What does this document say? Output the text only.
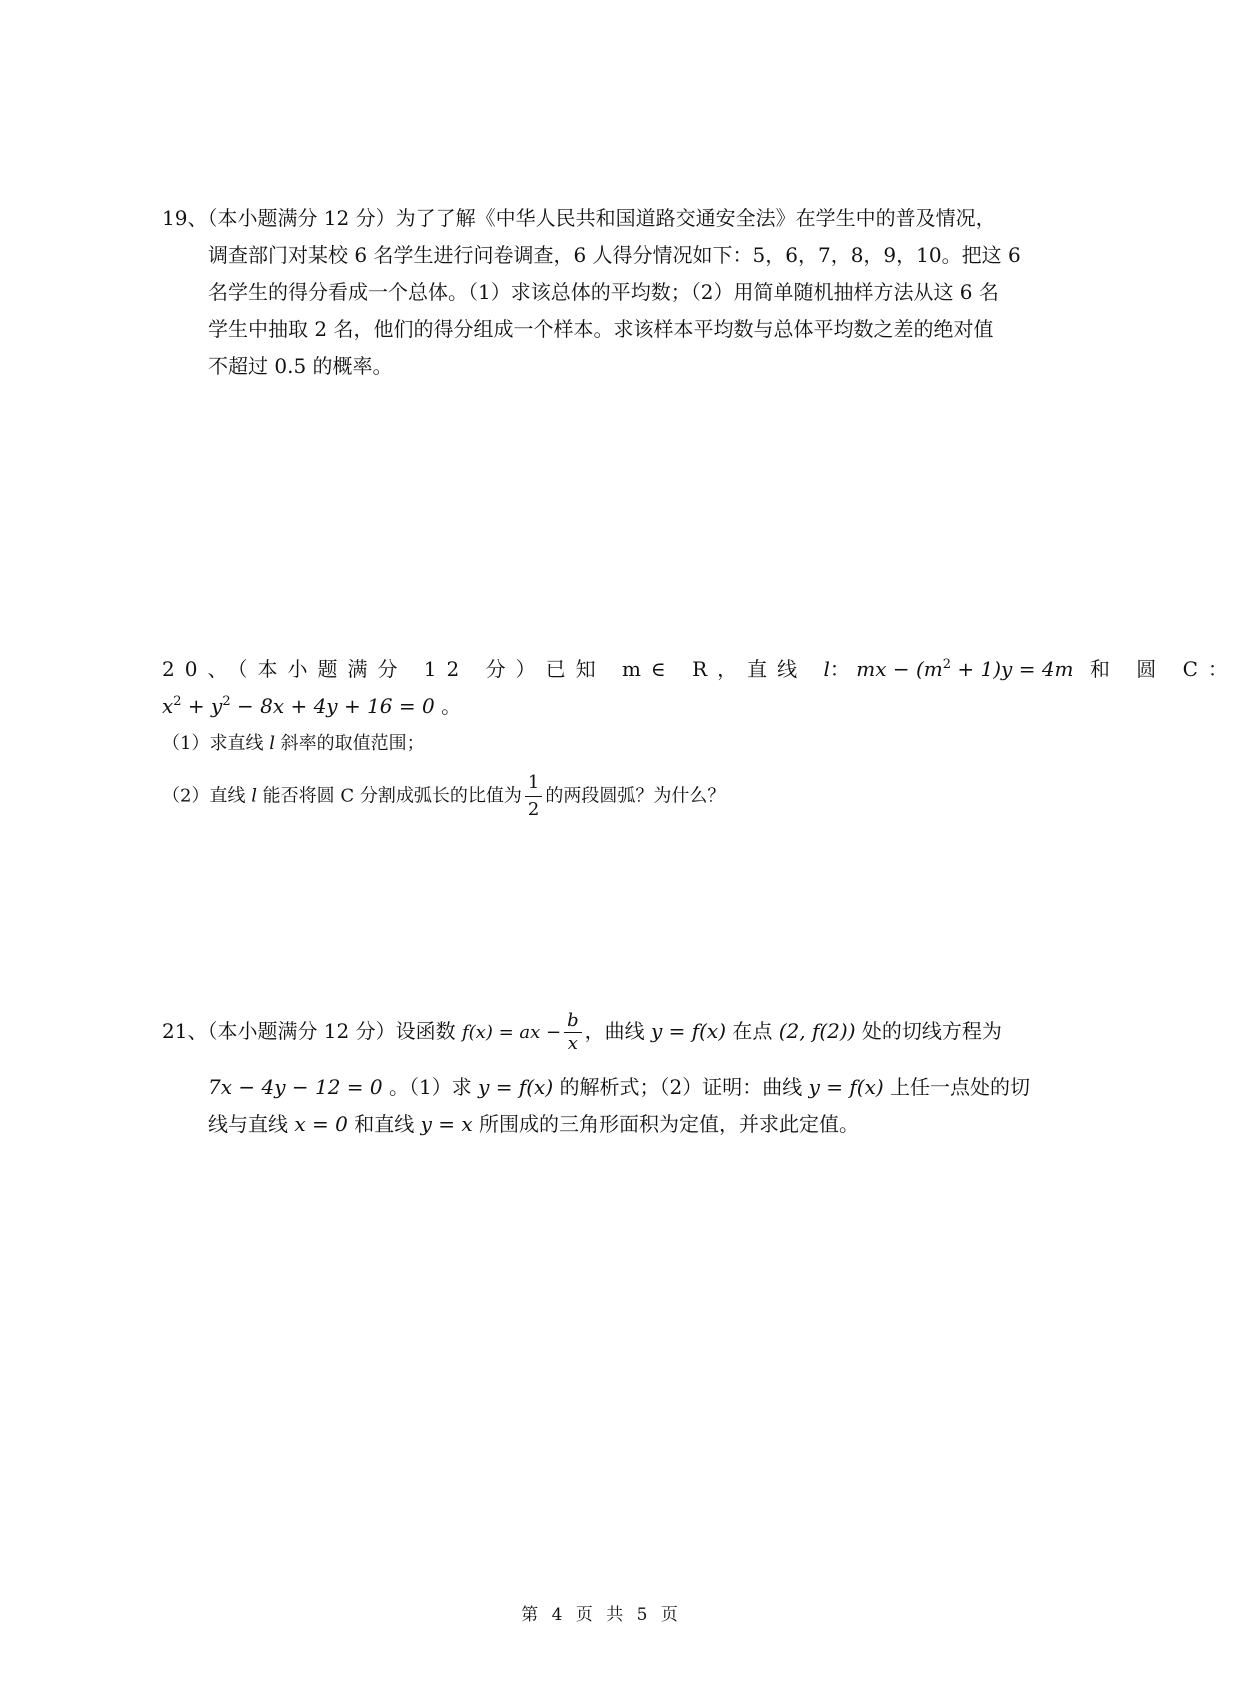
19、（本小题满分 12 分）为了了解《中华人民共和国道路交通安全法》在学生中的普及情况，
调查部门对某校 6 名学生进行问卷调查，6 人得分情况如下：5，6，7，8，9，10。把这 6
名学生的得分看成一个总体。（1）求该总体的平均数；（2）用简单随机抽样方法从这 6 名
学生中抽取 2 名，他们的得分组成一个样本。求该样本平均数与总体平均数之差的绝对值
不超过 0.5 的概率。
20、（本小题满分 12 分）已知 m∈ R，直线 l： mx − $(m^2 + 1)y = 4m$ 和 圆 C：
$x^2 + y^2 - 8x + 4y + 16 = 0$ 。
（1）求直线 l 斜率的取值范围；
（2）直线 l 能否将圆 C 分割成弧长的比值为 $\frac{1}{2}$ 的两段圆弧？为什么？
21、（本小题满分 12 分）设函数 f(x) = ax − $\frac{b}{x}$ ，曲线 y = f(x) 在点 (2, f(2)) 处的切线方程为
7x − 4y − 12 = 0 。（1）求 y = f(x) 的解析式；（2）证明：曲线 y = f(x) 上任一点处的切
线与直线 x = 0 和直线 y = x 所围成的三角形面积为定值，并求此定值。
第 4 页 共 5 页
